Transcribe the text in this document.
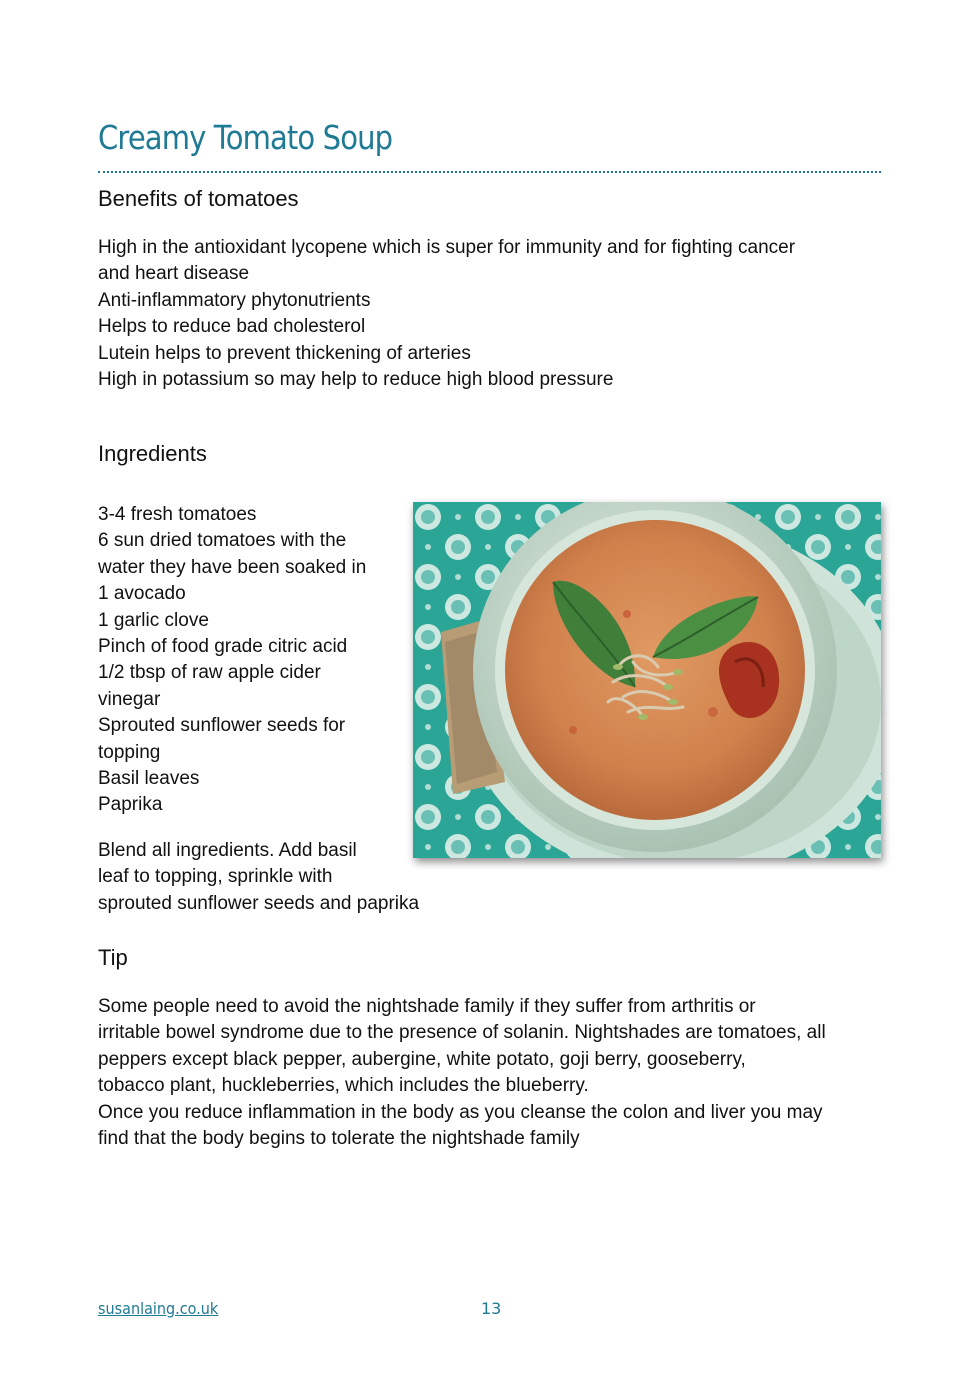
Creamy Tomato Soup
Benefits of tomatoes
High in the antioxidant lycopene which is super for immunity and for fighting cancer
and heart disease
Anti-inflammatory phytonutrients
Helps to reduce bad cholesterol
Lutein helps to prevent thickening of arteries
High in potassium so may help to reduce high blood pressure
Ingredients
3-4 fresh tomatoes
6 sun dried tomatoes with the
water they have been soaked in
1 avocado
1 garlic clove
Pinch of food grade citric acid
1/2 tbsp of raw apple cider
vinegar
Sprouted sunflower seeds for
topping
Basil leaves
Paprika
Blend all ingredients. Add basil
leaf to topping, sprinkle with
sprouted sunflower seeds and paprika
Tip
Some people need to avoid the nightshade family if they suffer from arthritis or
irritable bowel syndrome due to the presence of solanin. Nightshades are tomatoes, all
peppers except black pepper, aubergine, white potato, goji berry, gooseberry,
tobacco plant, huckleberries, which includes the blueberry.
Once you reduce inflammation in the body as you cleanse the colon and liver you may
find that the body begins to tolerate the nightshade family
susanlaing.co.uk	13
